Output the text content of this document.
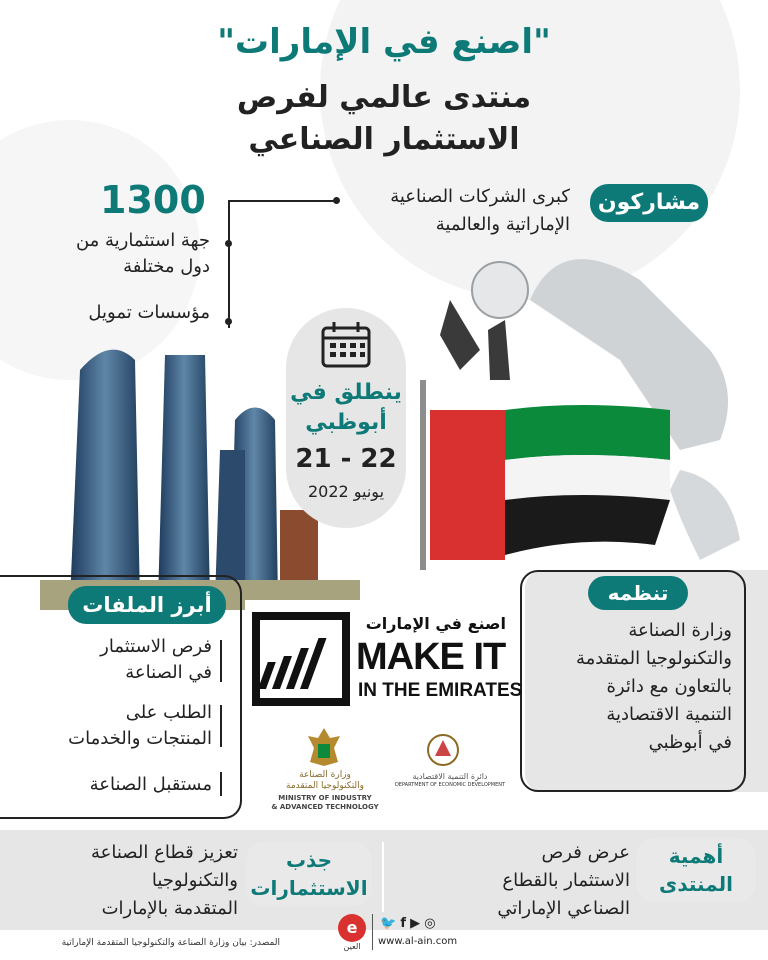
"اصنع في الإمارات"
منتدى عالمي لفرص
الاستثمار الصناعي
مشاركون
كبرى الشركات الصناعية
الإماراتية والعالمية
1300
جهة استثمارية من
دول مختلفة
مؤسسات تمويل
ينطلق في
أبوظبي
21 - 22
يونيو 2022
أبرز الملفات
فرص الاستثمار
في الصناعة
الطلب على
المنتجات والخدمات
مستقبل الصناعة
تنظمه
وزارة الصناعة
والتكنولوجيا المتقدمة
بالتعاون مع دائرة
التنمية الاقتصادية
في أبوظبي
اصنع في الإمارات
MAKE IT
IN THE EMIRATES
وزارة الصناعة
والتكنولوجيا المتقدمة
MINISTRY OF INDUSTRY
& ADVANCED TECHNOLOGY
دائرة التنمية الاقتصادية
DEPARTMENT OF ECONOMIC DEVELOPMENT
أهمية
المنتدى
عرض فرص
الاستثمار بالقطاع
الصناعي الإماراتي
جذب
الاستثمارات
تعزيز قطاع الصناعة
والتكنولوجيا
المتقدمة بالإمارات
المصدر: بيان وزارة الصناعة والتكنولوجيا المتقدمة الإماراتية
e
العين
🐦 f ▶ ◎
www.al-ain.com
